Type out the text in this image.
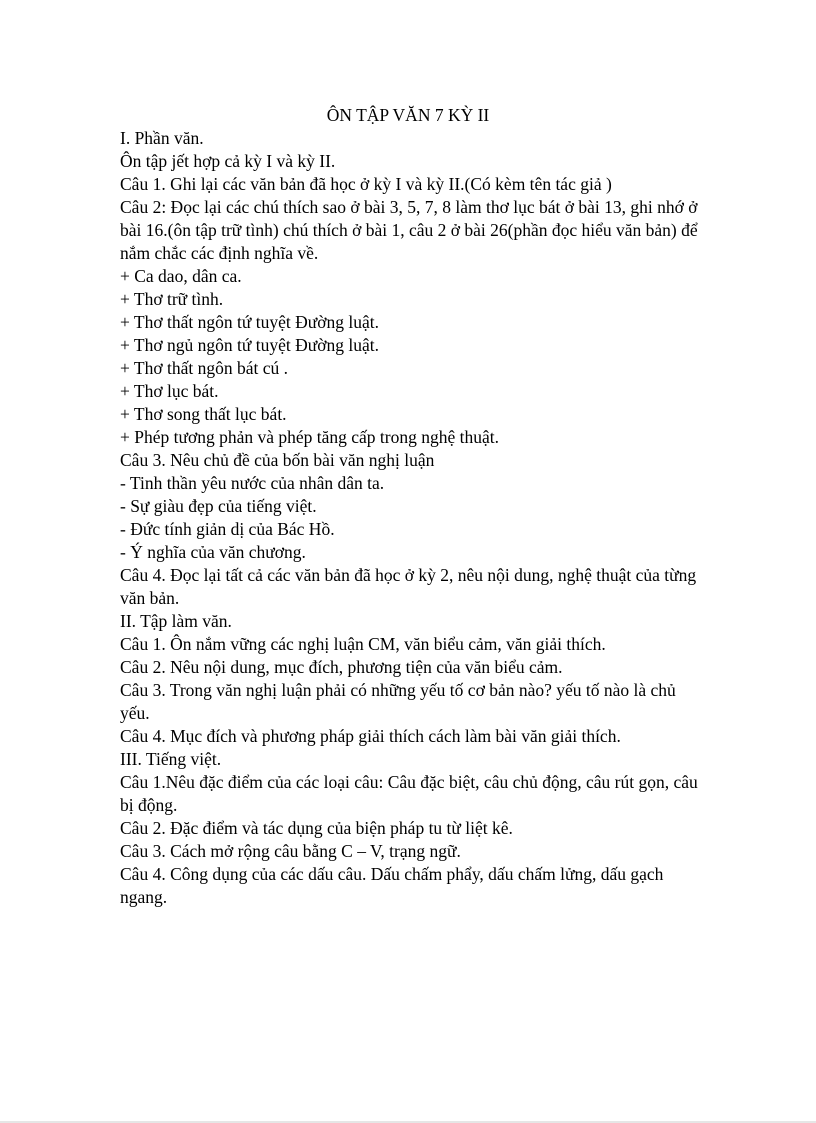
ÔN TẬP VĂN 7 KỲ II

I. Phần văn.

Ôn tập jết hợp cả kỳ I và kỳ II.

Câu 1. Ghi lại các văn bản đã học ở kỳ I và kỳ II.(Có kèm tên tác giả )

Câu 2: Đọc lại các chú thích sao ở bài 3, 5, 7, 8 làm thơ lục bát ở bài 13, ghi nhớ ở bài 16.(ôn tập trữ tình) chú thích ở bài 1, câu 2 ở bài 26(phần đọc hiểu văn bản) để nắm chắc các định nghĩa về.

+ Ca dao, dân ca.

+ Thơ trữ tình.

+ Thơ thất ngôn tứ tuyệt Đường luật.

+ Thơ ngủ ngôn tứ tuyệt Đường luật.

+ Thơ thất ngôn bát cú .

+ Thơ lục bát.

+ Thơ song thất lục bát.

+ Phép tương phản và phép tăng cấp trong nghệ thuật.

Câu 3. Nêu chủ đề của bốn bài văn nghị luận

- Tinh thần yêu nước của nhân dân ta.

- Sự giàu đẹp của tiếng việt.

- Đức tính giản dị của Bác Hồ.

- Ý nghĩa của văn chương.

Câu 4. Đọc lại tất cả các văn bản đã học ở kỳ 2, nêu nội dung, nghệ thuật của từng văn bản.

II. Tập làm văn.

Câu 1. Ôn nắm vững các nghị luận CM, văn biểu cảm, văn giải thích.

Câu 2. Nêu nội dung, mục đích, phương tiện của văn biểu cảm.

Câu 3. Trong văn nghị luận phải có những yếu tố cơ bản nào? yếu tố nào là chủ yếu.

Câu 4. Mục đích và phương pháp giải thích cách làm bài văn giải thích.

III. Tiếng việt.

Câu 1.Nêu đặc điểm của các loại câu: Câu đặc biệt, câu chủ động, câu rút gọn, câu bị động.

Câu 2. Đặc điểm và tác dụng của biện pháp tu từ liệt kê.

Câu 3. Cách mở rộng câu bằng C – V, trạng ngữ.

Câu 4. Công dụng của các dấu câu. Dấu chấm phẩy, dấu chấm lửng, dấu gạch ngang.
